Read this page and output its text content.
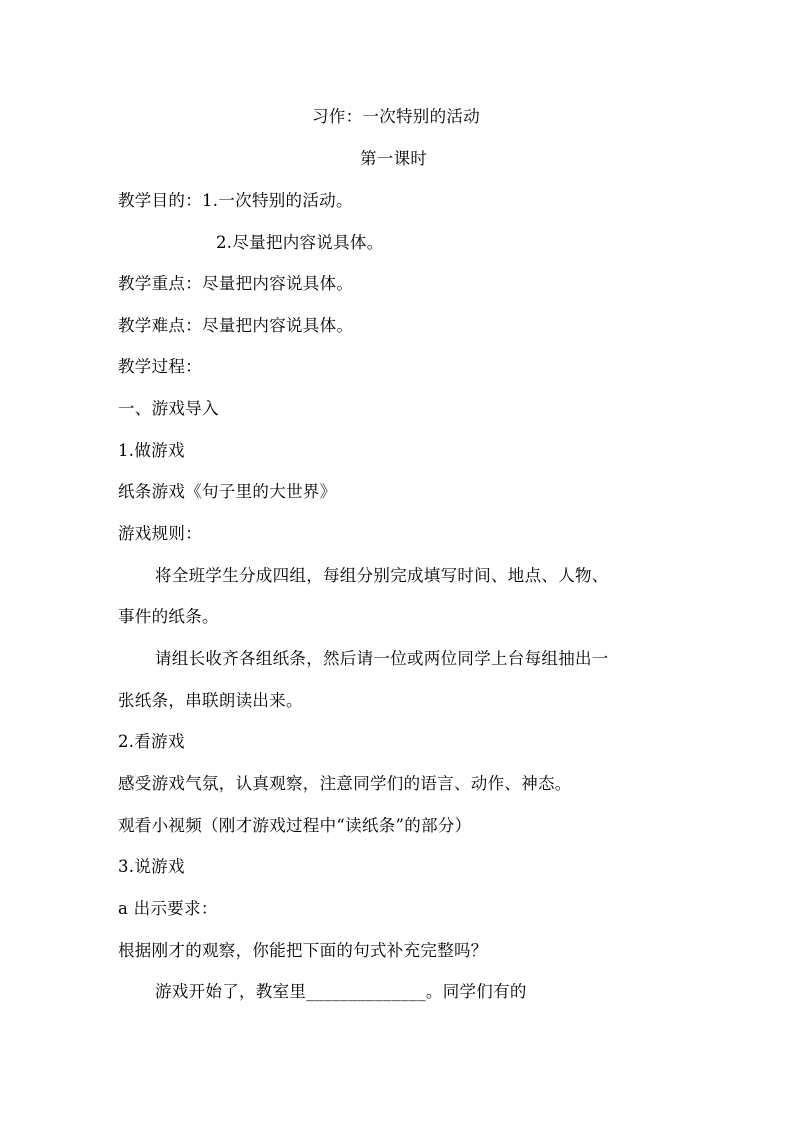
习作：一次特别的活动
第一课时
教学目的：1.一次特别的活动。
2.尽量把内容说具体。
教学重点：尽量把内容说具体。
教学难点：尽量把内容说具体。
教学过程：
一、游戏导入
1.做游戏
纸条游戏《句子里的大世界》
游戏规则：
将全班学生分成四组，每组分别完成填写时间、地点、人物、
事件的纸条。
请组长收齐各组纸条，然后请一位或两位同学上台每组抽出一
张纸条，串联朗读出来。
2.看游戏
感受游戏气氛，认真观察，注意同学们的语言、动作、神态。
观看小视频（刚才游戏过程中“读纸条”的部分）
3.说游戏
a 出示要求：
根据刚才的观察，你能把下面的句式补充完整吗？
游戏开始了，教室里______________。同学们有的
